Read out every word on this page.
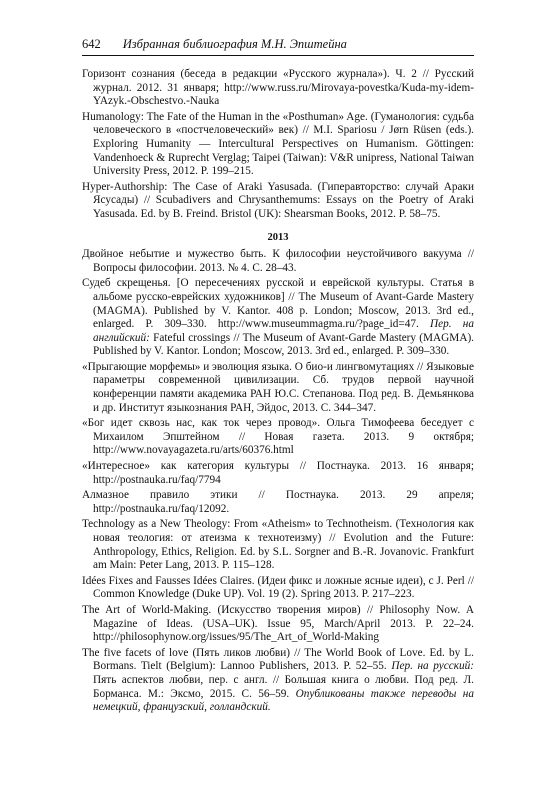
642 Избранная библиография М.Н. Эпштейна
Горизонт сознания (беседа в редакции «Русского журнала»). Ч. 2 // Русский журнал. 2012. 31 января; http://www.russ.ru/Mirovaya-povestka/Kuda-my-idem-YAzyk.-Obschestvo.-Nauka
Humanology: The Fate of the Human in the «Posthuman» Age. (Гуманология: судьба человеческого в «постчеловечеcкий» век) // M.I. Spariosu / Jørn Rüsen (eds.). Exploring Humanity — Intercultural Perspectives on Humanism. Göttingen: Vandenhoeck & Ruprecht Verglag; Taipei (Taiwan): V&R unipress, National Taiwan University Press, 2012. P. 199–215.
Hyper-Authorship: The Case of Araki Yasusada. (Гиперавторство: случай Араки Ясусады) // Scubadivers and Chrysanthemums: Essays on the Poetry of Araki Yasusada. Ed. by B. Freind. Bristol (UK): Shearsman Books, 2012. P. 58–75.
2013
Двойное небытие и мужество быть. К философии неустойчивого вакуума // Вопросы философии. 2013. № 4. С. 28–43.
Судеб скрещенья. [О пересечениях русской и еврейской культуры. Статья в альбоме русско-еврейских художников] // The Museum of Avant-Garde Mastery (MAGMA). Published by V. Kantor. 408 p. London; Moscow, 2013. 3rd ed., enlarged. P. 309–330. http://www.museummagma.ru/?page_id=47. Пер. на английский: Fateful crossings // The Museum of Avant-Garde Mastery (MAGMA). Published by V. Kantor. London; Moscow, 2013. 3rd ed., enlarged. P. 309–330.
«Прыгающие морфемы» и эволюция языка. О био-и лингвомутациях // Языковые параметры современной цивилизации. Сб. трудов первой научной конференции памяти академика РАН Ю.С. Степанова. Под ред. В. Демьянкова и др. Институт языкознания РАН, Эйдос, 2013. С. 344–347.
«Бог идет сквозь нас, как ток через провод». Ольга Тимофеева беседует с Михаилом Эпштейном // Новая газета. 2013. 9 октября; http://www.novayagazeta.ru/arts/60376.html
«Интересное» как категория культуры // Постнаука. 2013. 16 января; http://postnauka.ru/faq/7794
Алмазное правило этики // Постнаука. 2013. 29 апреля; http://postnauka.ru/faq/12092.
Technology as a New Theology: From «Atheism» to Technotheism. (Технология как новая теология: от атеизма к технотеизму) // Evolution and the Future: Anthropology, Ethics, Religion. Ed. by S.L. Sorgner and B.-R. Jovanovic. Frankfurt am Main: Peter Lang, 2013. P. 115–128.
Idées Fixes and Fausses Idées Claires. (Идеи фикс и ложные ясные идеи), с J. Perl // Common Knowledge (Duke UP). Vol. 19 (2). Spring 2013. P. 217–223.
The Art of World-Making. (Искусство творения миров) // Philosophy Now. A Magazine of Ideas. (USA–UK). Issue 95, March/April 2013. P. 22–24. http://philosophynow.org/issues/95/The_Art_of_World-Making
The five facets of love (Пять ликов любви) // The World Book of Love. Ed. by L. Bormans. Tielt (Belgium): Lannoo Publishers, 2013. P. 52–55. Пер. на русский: Пять аспектов любви, пер. с англ. // Большая книга о любви. Под ред. Л. Борманса. М.: Эксмо, 2015. С. 56–59. Опубликованы также переводы на немецкий, французский, голландский.
